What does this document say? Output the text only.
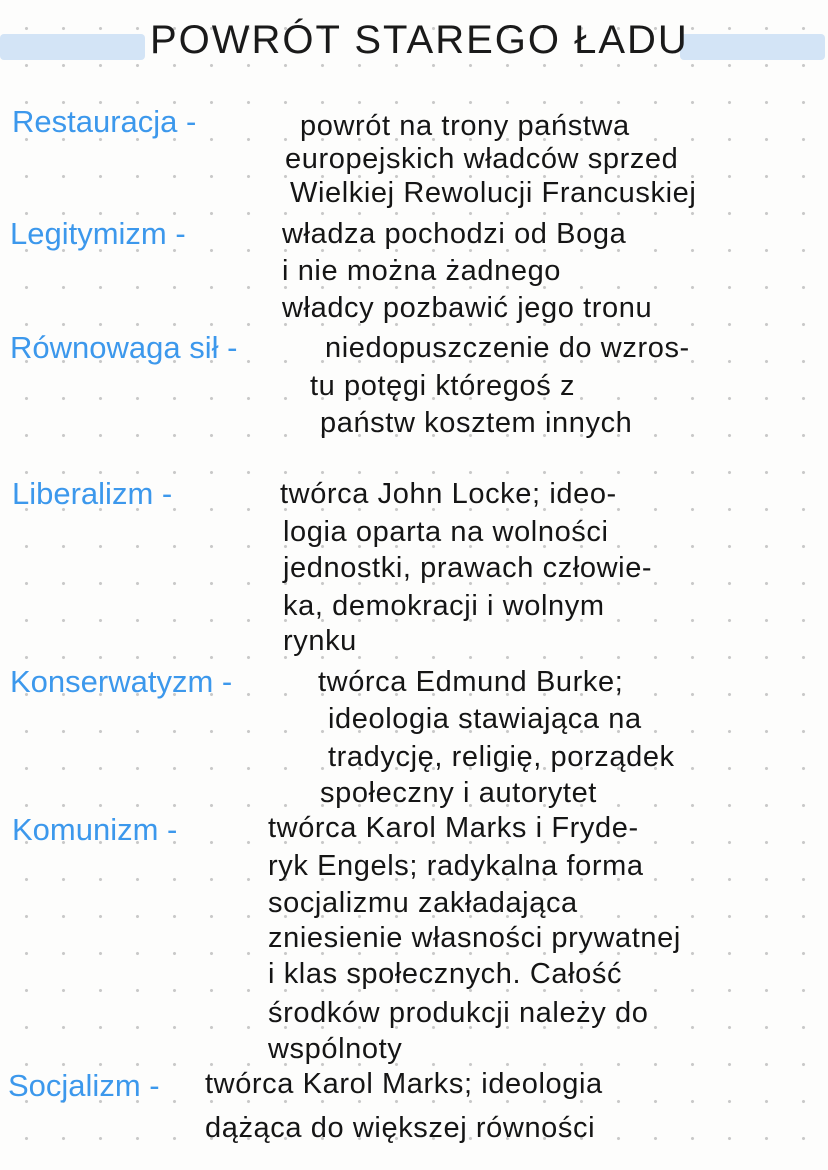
POWRÓT STAREGO ŁADU
Restauracja -	powrót na trony państwa
europejskich władców sprzed
Wielkiej Rewolucji Francuskiej
Legitymizm -	władza pochodzi od Boga
i nie można żadnego
władcy pozbawić jego tronu
Równowaga sił -	niedopuszczenie do wzros-
tu potęgi któregoś z
państw kosztem innych
Liberalizm -	twórca John Locke; ideo-
logia oparta na wolności
jednostki, prawach człowie-
ka, demokracji i wolnym
rynku
Konserwatyzm -	twórca Edmund Burke;
ideologia stawiająca na
tradycję, religię, porządek
społeczny i autorytet
Komunizm -	twórca Karol Marks i Fryde-
ryk Engels; radykalna forma
socjalizmu zakładająca
zniesienie własności prywatnej
i klas społecznych. Całość
środków produkcji należy do
wspólnoty
Socjalizm - twórca Karol Marks; ideologia
dążąca do większej równości
